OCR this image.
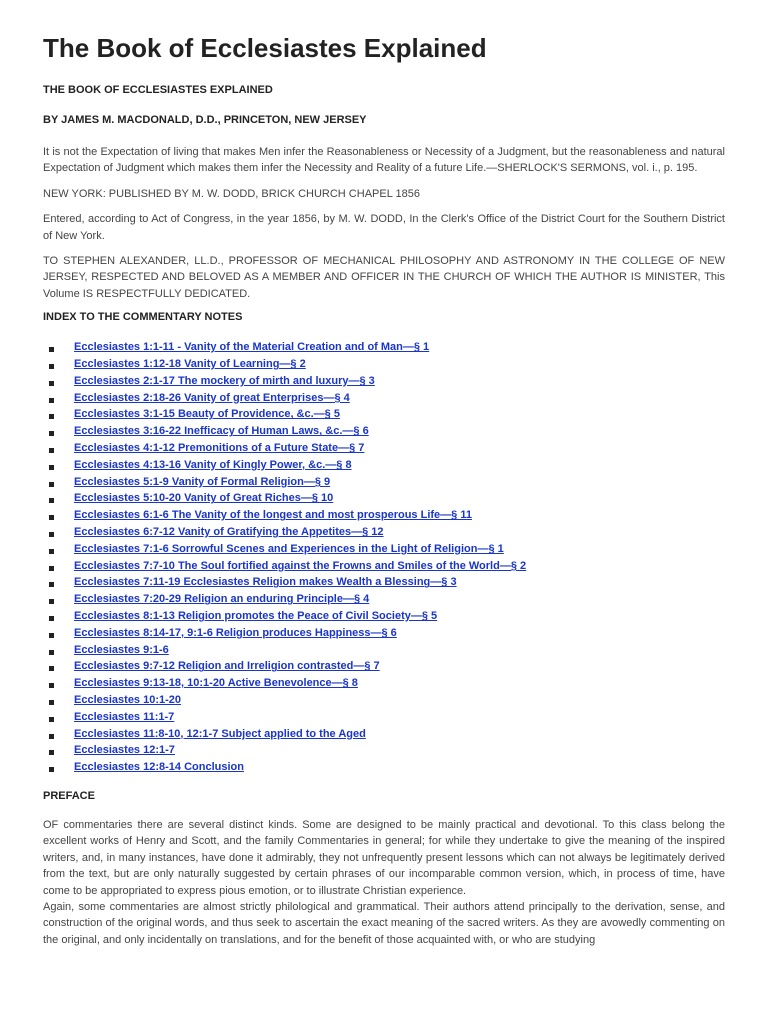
The Book of Ecclesiastes Explained
THE BOOK OF ECCLESIASTES EXPLAINED
BY JAMES M. MACDONALD, D.D., PRINCETON, NEW JERSEY

It is not the Expectation of living that makes Men infer the Reasonableness or Necessity of a Judgment, but the reasonableness and natural Expectation of Judgment which makes them infer the Necessity and Reality of a future Life.—SHERLOCK'S SERMONS, vol. i., p. 195.

NEW YORK: PUBLISHED BY M. W. DODD, BRICK CHURCH CHAPEL 1856

Entered, according to Act of Congress, in the year 1856, by M. W. DODD, In the Clerk's Office of the District Court for the Southern District of New York.

TO STEPHEN ALEXANDER, LL.D., PROFESSOR OF MECHANICAL PHILOSOPHY AND ASTRONOMY IN THE COLLEGE OF NEW JERSEY, RESPECTED AND BELOVED AS A MEMBER AND OFFICER IN THE CHURCH OF WHICH THE AUTHOR IS MINISTER, This Volume IS RESPECTFULLY DEDICATED.

INDEX TO THE COMMENTARY NOTES
Ecclesiastes 1:1-11 - Vanity of the Material Creation and of Man—§ 1
Ecclesiastes 1:12-18 Vanity of Learning—§ 2
Ecclesiastes 2:1-17 The mockery of mirth and luxury—§ 3
Ecclesiastes 2:18-26 Vanity of great Enterprises—§ 4
Ecclesiastes 3:1-15 Beauty of Providence, &c.—§ 5
Ecclesiastes 3:16-22 Inefficacy of Human Laws, &c.—§ 6
Ecclesiastes 4:1-12 Premonitions of a Future State—§ 7
Ecclesiastes 4:13-16 Vanity of Kingly Power, &c.—§ 8
Ecclesiastes 5:1-9 Vanity of Formal Religion—§ 9
Ecclesiastes 5:10-20 Vanity of Great Riches—§ 10
Ecclesiastes 6:1-6 The Vanity of the longest and most prosperous Life—§ 11
Ecclesiastes 6:7-12 Vanity of Gratifying the Appetites—§ 12
Ecclesiastes 7:1-6 Sorrowful Scenes and Experiences in the Light of Religion—§ 1
Ecclesiastes 7:7-10 The Soul fortified against the Frowns and Smiles of the World—§ 2
Ecclesiastes 7:11-19 Ecclesiastes Religion makes Wealth a Blessing—§ 3
Ecclesiastes 7:20-29 Religion an enduring Principle—§ 4
Ecclesiastes 8:1-13 Religion promotes the Peace of Civil Society—§ 5
Ecclesiastes 8:14-17, 9:1-6 Religion produces Happiness—§ 6
Ecclesiastes 9:1-6
Ecclesiastes 9:7-12 Religion and Irreligion contrasted—§ 7
Ecclesiastes 9:13-18, 10:1-20 Active Benevolence—§ 8
Ecclesiastes 10:1-20
Ecclesiastes 11:1-7
Ecclesiastes 11:8-10, 12:1-7 Subject applied to the Aged
Ecclesiastes 12:1-7
Ecclesiastes 12:8-14 Conclusion
PREFACE

OF commentaries there are several distinct kinds. Some are designed to be mainly practical and devotional. To this class belong the excellent works of Henry and Scott, and the family Commentaries in general; for while they undertake to give the meaning of the inspired writers, and, in many instances, have done it admirably, they not unfrequently present lessons which can not always be legitimately derived from the text, but are only naturally suggested by certain phrases of our incomparable common version, which, in process of time, have come to be appropriated to express pious emotion, or to illustrate Christian experience.

Again, some commentaries are almost strictly philological and grammatical. Their authors attend principally to the derivation, sense, and construction of the original words, and thus seek to ascertain the exact meaning of the sacred writers. As they are avowedly commenting on the original, and only incidentally on translations, and for the benefit of those acquainted with, or who are studying
